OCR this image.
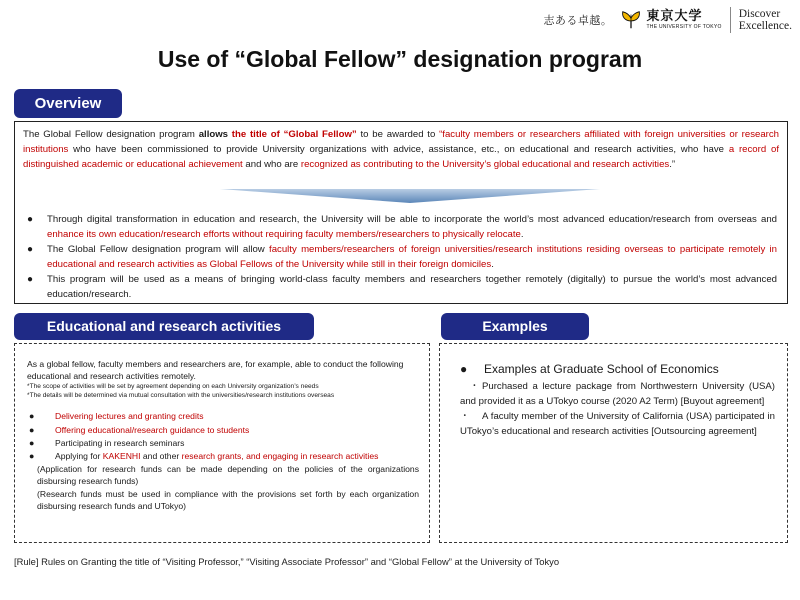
志ある卓越。	東京大学
THE UNIVERSITY OF TOKYO
Discover
Excellence.
Use of “Global Fellow” designation program
Overview

The Global Fellow designation program allows the title of “Global Fellow” to be awarded to “faculty members or researchers affiliated with foreign universities or research institutions who have been commissioned to provide University organizations with advice, assistance, etc., on educational and research activities, who have a record of distinguished academic or educational achievement and who are recognized as contributing to the University’s global educational and research activities.”

● Through digital transformation in education and research, the University will be able to incorporate the world’s most advanced education/research from overseas and enhance its own education/research efforts without requiring faculty members/researchers to physically relocate.
● The Global Fellow designation program will allow faculty members/researchers of foreign universities/research institutions residing overseas to participate remotely in educational and research activities as Global Fellows of the University while still in their foreign domiciles.
● This program will be used as a means of bringing world-class faculty members and researchers together remotely (digitally) to pursue the world’s most advanced education/research.
Educational and research activities

As a global fellow, faculty members and researchers are, for example, able to conduct the following educational and research activities remotely.

*The scope of activities will be set by agreement depending on each University organization’s needs

*The details will be determined via mutual consultation with the universities/research institutions overseas

● Delivering lectures and granting credits
● Offering educational/research guidance to students
● Participating in research seminars
● Applying for KAKENHI and other research grants, and engaging in research activities

(Application for research funds can be made depending on the policies of the organizations disbursing research funds)

(Research funds must be used in compliance with the provisions set forth by each organization disbursing research funds and UTokyo)

Examples
● Examples at Graduate School of Economics

　・ Purchased a lecture package from Northwestern University (USA) and provided it as a UTokyo course (2020 A2 Term) [Buyout agreement]

・ A faculty member of the University of California (USA) participated in UTokyo’s educational and research activities [Outsourcing agreement]

[Rule] Rules on Granting the title of “Visiting Professor,” “Visiting Associate Professor” and “Global Fellow” at the University of Tokyo
